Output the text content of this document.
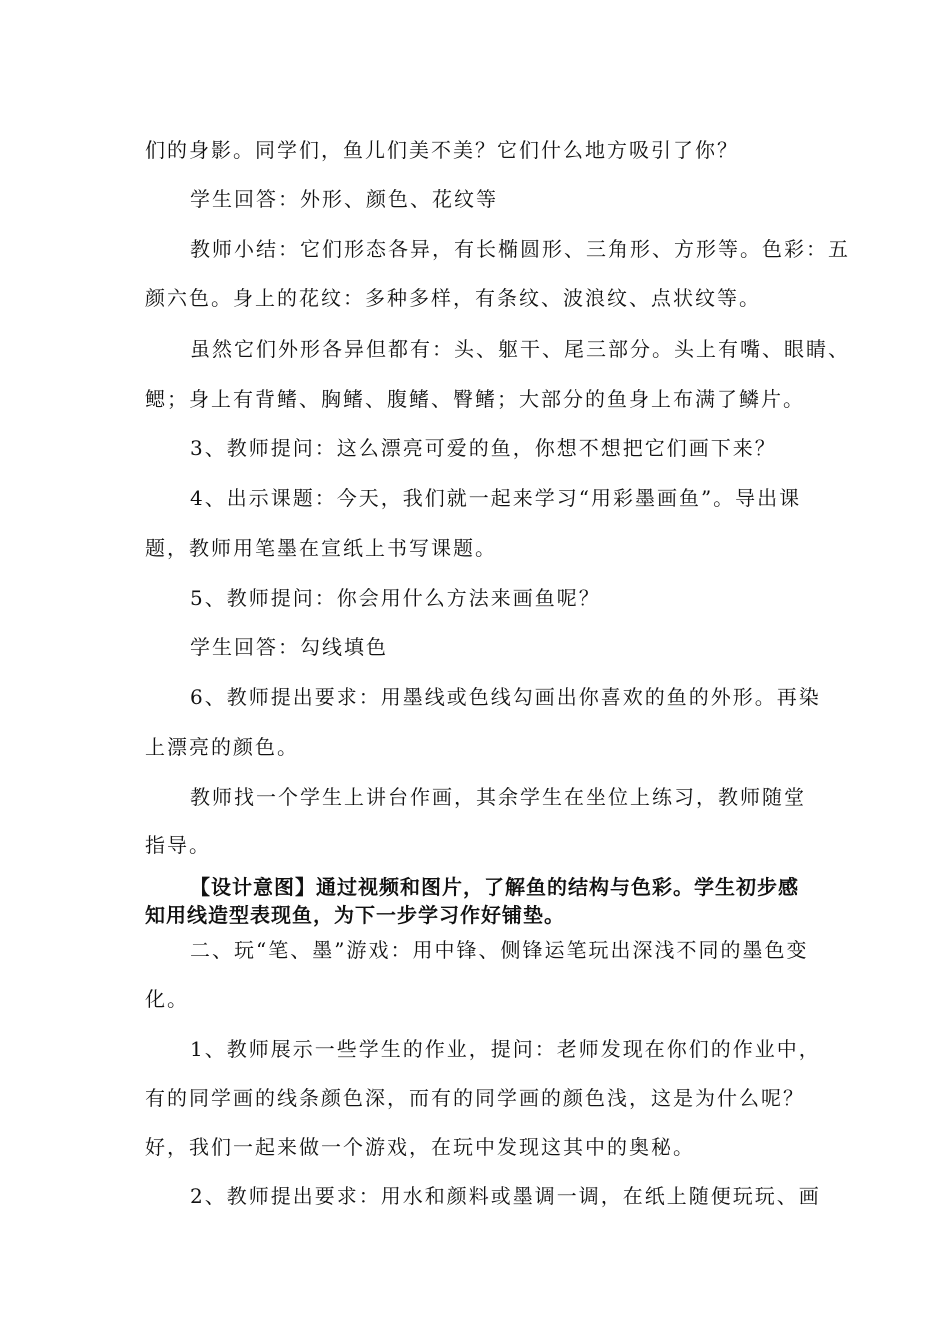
们的身影。同学们，鱼儿们美不美？它们什么地方吸引了你？
学生回答：外形、颜色、花纹等
教师小结：它们形态各异，有长椭圆形、三角形、方形等。色彩：五
颜六色。身上的花纹：多种多样，有条纹、波浪纹、点状纹等。
虽然它们外形各异但都有：头、躯干、尾三部分。头上有嘴、眼睛、
鳃；身上有背鳍、胸鳍、腹鳍、臀鳍；大部分的鱼身上布满了鳞片。
3、教师提问：这么漂亮可爱的鱼，你想不想把它们画下来？
4、出示课题：今天，我们就一起来学习“用彩墨画鱼”。导出课
题，教师用笔墨在宣纸上书写课题。
5、教师提问：你会用什么方法来画鱼呢？
学生回答：勾线填色
6、教师提出要求：用墨线或色线勾画出你喜欢的鱼的外形。再染
上漂亮的颜色。
教师找一个学生上讲台作画，其余学生在坐位上练习，教师随堂
指导。
【设计意图】通过视频和图片，了解鱼的结构与色彩。学生初步感
知用线造型表现鱼，为下一步学习作好铺垫。
二、玩“笔、墨”游戏：用中锋、侧锋运笔玩出深浅不同的墨色变
化。
1、教师展示一些学生的作业，提问：老师发现在你们的作业中，
有的同学画的线条颜色深，而有的同学画的颜色浅，这是为什么呢？
好，我们一起来做一个游戏，在玩中发现这其中的奥秘。
2、教师提出要求：用水和颜料或墨调一调，在纸上随便玩玩、画
